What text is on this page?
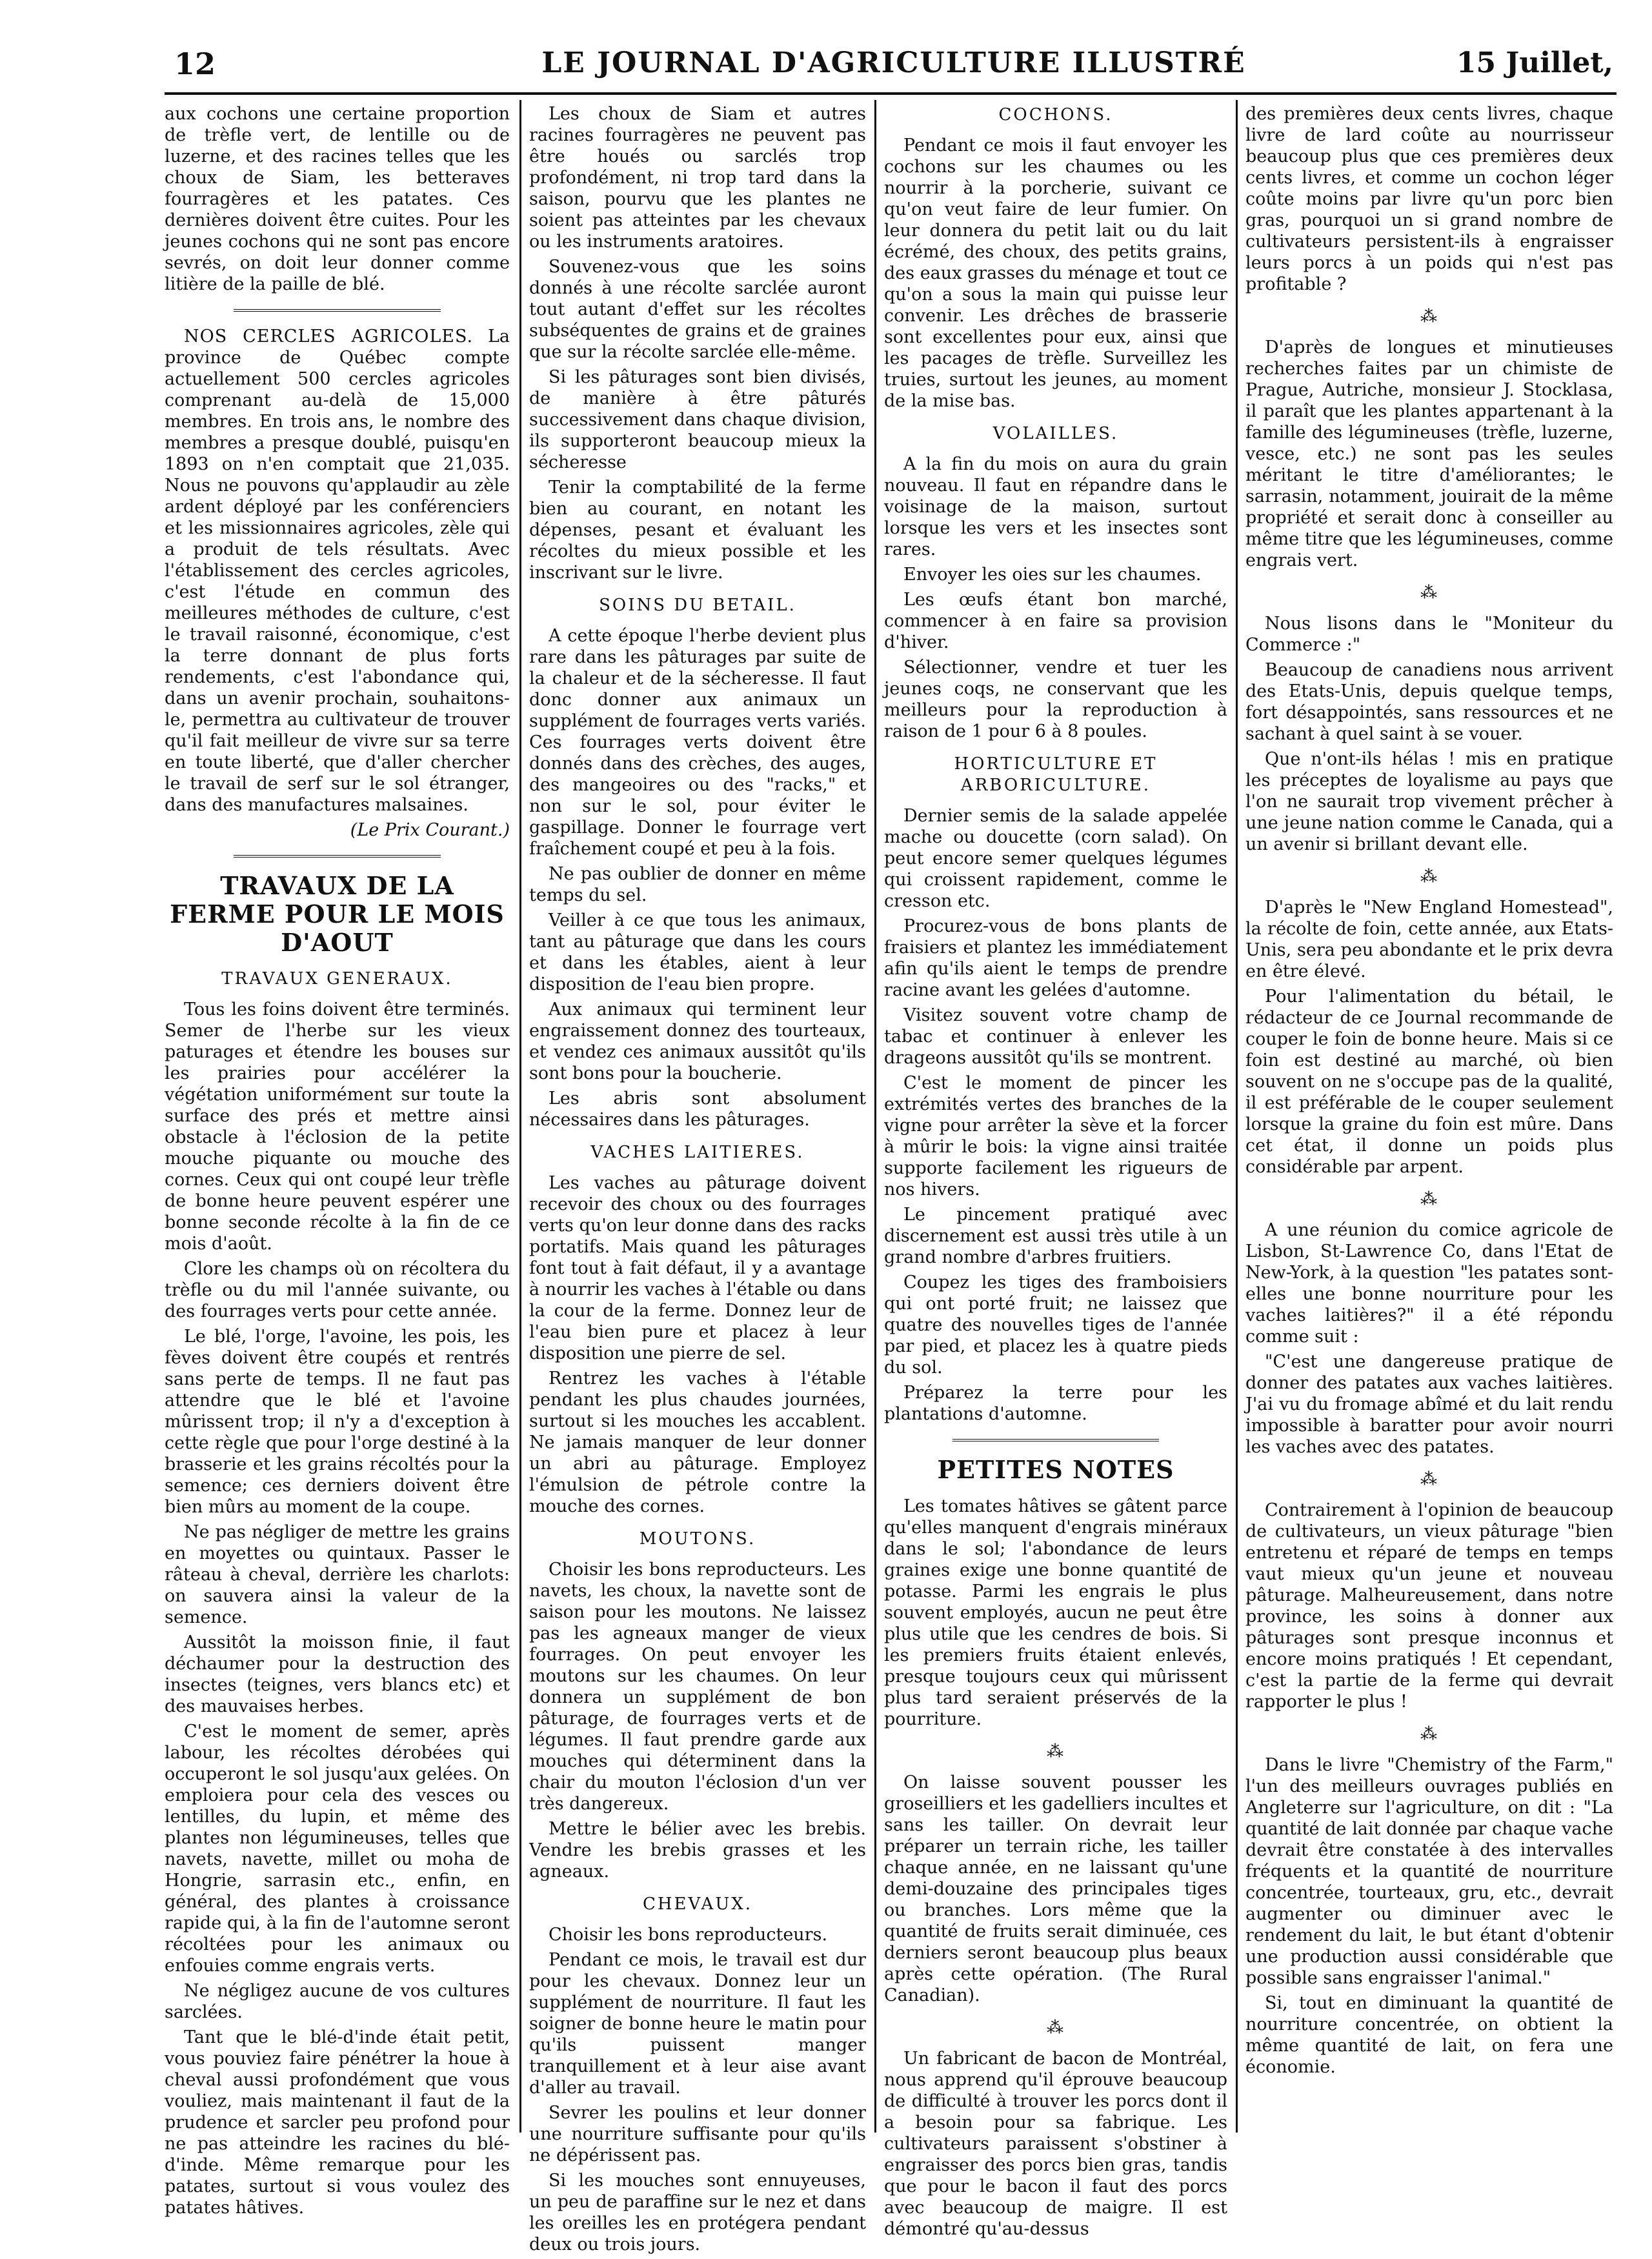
12	LE JOURNAL D'AGRICULTURE ILLUSTRÉ	15 Juillet,

aux cochons une certaine proportion de trèfle vert, de lentille ou de luzerne, et des racines telles que les choux de Siam, les betteraves fourragères et les patates. Ces dernières doivent être cuites. Pour les jeunes cochons qui ne sont pas encore sevrés, on doit leur donner comme litière de la paille de blé.

NOS CERCLES AGRICOLES. La province de Québec compte actuellement 500 cercles agricoles comprenant au-delà de 15,000 membres. En trois ans, le nombre des membres a presque doublé, puisqu'en 1893 on n'en comptait que 21,035. Nous ne pouvons qu'applaudir au zèle ardent déployé par les conférenciers et les missionnaires agricoles, zèle qui a produit de tels résultats. Avec l'établissement des cercles agricoles, c'est l'étude en commun des meilleures méthodes de culture, c'est le travail raisonné, économique, c'est la terre donnant de plus forts rendements, c'est l'abondance qui, dans un avenir prochain, souhaitons-le, permettra au cultivateur de trouver qu'il fait meilleur de vivre sur sa terre en toute liberté, que d'aller chercher le travail de serf sur le sol étranger, dans des manufactures malsaines.

(Le Prix Courant.)
TRAVAUX DE LA FERME POUR LE MOIS D'AOUT
TRAVAUX GENERAUX.

Tous les foins doivent être terminés. Semer de l'herbe sur les vieux paturages et étendre les bouses sur les prairies pour accélérer la végétation uniformément sur toute la surface des prés et mettre ainsi obstacle à l'éclosion de la petite mouche piquante ou mouche des cornes. Ceux qui ont coupé leur trèfle de bonne heure peuvent espérer une bonne seconde récolte à la fin de ce mois d'août.

Clore les champs où on récoltera du trèfle ou du mil l'année suivante, ou des fourrages verts pour cette année.

Le blé, l'orge, l'avoine, les pois, les fèves doivent être coupés et rentrés sans perte de temps. Il ne faut pas attendre que le blé et l'avoine mûrissent trop; il n'y a d'exception à cette règle que pour l'orge destiné à la brasserie et les grains récoltés pour la semence; ces derniers doivent être bien mûrs au moment de la coupe.

Ne pas négliger de mettre les grains en moyettes ou quintaux. Passer le râteau à cheval, derrière les charlots: on sauvera ainsi la valeur de la semence.

Aussitôt la moisson finie, il faut déchaumer pour la destruction des insectes (teignes, vers blancs etc) et des mauvaises herbes.

C'est le moment de semer, après labour, les récoltes dérobées qui occuperont le sol jusqu'aux gelées. On emploiera pour cela des vesces ou lentilles, du lupin, et même des plantes non légumineuses, telles que navets, navette, millet ou moha de Hongrie, sarrasin etc., enfin, en général, des plantes à croissance rapide qui, à la fin de l'automne seront récoltées pour les animaux ou enfouies comme engrais verts.

Ne négligez aucune de vos cultures sarclées.

Tant que le blé-d'inde était petit, vous pouviez faire pénétrer la houe à cheval aussi profondément que vous vouliez, mais maintenant il faut de la prudence et sarcler peu profond pour ne pas atteindre les racines du blé-d'inde. Même remarque pour les patates, surtout si vous voulez des patates hâtives.

Les choux de Siam et autres racines fourragères ne peuvent pas être houés ou sarclés trop profondément, ni trop tard dans la saison, pourvu que les plantes ne soient pas atteintes par les chevaux ou les instruments aratoires.

Souvenez-vous que les soins donnés à une récolte sarclée auront tout autant d'effet sur les récoltes subséquentes de grains et de graines que sur la récolte sarclée elle-même.

Si les pâturages sont bien divisés, de manière à être pâturés successivement dans chaque division, ils supporteront beaucoup mieux la sécheresse

Tenir la comptabilité de la ferme bien au courant, en notant les dépenses, pesant et évaluant les récoltes du mieux possible et les inscrivant sur le livre.

SOINS DU BETAIL.

A cette époque l'herbe devient plus rare dans les pâturages par suite de la chaleur et de la sécheresse. Il faut donc donner aux animaux un supplément de fourrages verts variés. Ces fourrages verts doivent être donnés dans des crèches, des auges, des mangeoires ou des "racks," et non sur le sol, pour éviter le gaspillage. Donner le fourrage vert fraîchement coupé et peu à la fois.

Ne pas oublier de donner en même temps du sel.

Veiller à ce que tous les animaux, tant au pâturage que dans les cours et dans les étables, aient à leur disposition de l'eau bien propre.

Aux animaux qui terminent leur engraissement donnez des tourteaux, et vendez ces animaux aussitôt qu'ils sont bons pour la boucherie.

Les abris sont absolument nécessaires dans les pâturages.

VACHES LAITIERES.

Les vaches au pâturage doivent recevoir des choux ou des fourrages verts qu'on leur donne dans des racks portatifs. Mais quand les pâturages font tout à fait défaut, il y a avantage à nourrir les vaches à l'étable ou dans la cour de la ferme. Donnez leur de l'eau bien pure et placez à leur disposition une pierre de sel.

Rentrez les vaches à l'étable pendant les plus chaudes journées, surtout si les mouches les accablent. Ne jamais manquer de leur donner un abri au pâturage. Employez l'émulsion de pétrole contre la mouche des cornes.

MOUTONS.

Choisir les bons reproducteurs. Les navets, les choux, la navette sont de saison pour les moutons. Ne laissez pas les agneaux manger de vieux fourrages. On peut envoyer les moutons sur les chaumes. On leur donnera un supplément de bon pâturage, de fourrages verts et de légumes. Il faut prendre garde aux mouches qui déterminent dans la chair du mouton l'éclosion d'un ver très dangereux.

Mettre le bélier avec les brebis. Vendre les brebis grasses et les agneaux.

CHEVAUX.

Choisir les bons reproducteurs.

Pendant ce mois, le travail est dur pour les chevaux. Donnez leur un supplément de nourriture. Il faut les soigner de bonne heure le matin pour qu'ils puissent manger tranquillement et à leur aise avant d'aller au travail.

Sevrer les poulins et leur donner une nourriture suffisante pour qu'ils ne dépérissent pas.

Si les mouches sont ennuyeuses, un peu de paraffine sur le nez et dans les oreilles les en protégera pendant deux ou trois jours.

COCHONS.

Pendant ce mois il faut envoyer les cochons sur les chaumes ou les nourrir à la porcherie, suivant ce qu'on veut faire de leur fumier. On leur donnera du petit lait ou du lait écrémé, des choux, des petits grains, des eaux grasses du ménage et tout ce qu'on a sous la main qui puisse leur convenir. Les drêches de brasserie sont excellentes pour eux, ainsi que les pacages de trèfle. Surveillez les truies, surtout les jeunes, au moment de la mise bas.

VOLAILLES.

A la fin du mois on aura du grain nouveau. Il faut en répandre dans le voisinage de la maison, surtout lorsque les vers et les insectes sont rares.

Envoyer les oies sur les chaumes.

Les œufs étant bon marché, commencer à en faire sa provision d'hiver.

Sélectionner, vendre et tuer les jeunes coqs, ne conservant que les meilleurs pour la reproduction à raison de 1 pour 6 à 8 poules.

HORTICULTURE ET ARBORICULTURE.

Dernier semis de la salade appelée mache ou doucette (corn salad). On peut encore semer quelques légumes qui croissent rapidement, comme le cresson etc.

Procurez-vous de bons plants de fraisiers et plantez les immédiatement afin qu'ils aient le temps de prendre racine avant les gelées d'automne.

Visitez souvent votre champ de tabac et continuer à enlever les drageons aussitôt qu'ils se montrent.

C'est le moment de pincer les extrémités vertes des branches de la vigne pour arrêter la sève et la forcer à mûrir le bois: la vigne ainsi traitée supporte facilement les rigueurs de nos hivers.

Le pincement pratiqué avec discernement est aussi très utile à un grand nombre d'arbres fruitiers.

Coupez les tiges des framboisiers qui ont porté fruit; ne laissez que quatre des nouvelles tiges de l'année par pied, et placez les à quatre pieds du sol.

Préparez la terre pour les plantations d'automne.

PETITES NOTES

Les tomates hâtives se gâtent parce qu'elles manquent d'engrais minéraux dans le sol; l'abondance de leurs graines exige une bonne quantité de potasse. Parmi les engrais le plus souvent employés, aucun ne peut être plus utile que les cendres de bois. Si les premiers fruits étaient enlevés, presque toujours ceux qui mûrissent plus tard seraient préservés de la pourriture.

⁂

On laisse souvent pousser les groseilliers et les gadelliers incultes et sans les tailler. On devrait leur préparer un terrain riche, les tailler chaque année, en ne laissant qu'une demi-douzaine des principales tiges ou branches. Lors même que la quantité de fruits serait diminuée, ces derniers seront beaucoup plus beaux après cette opération. (The Rural Canadian).

⁂

Un fabricant de bacon de Montréal, nous apprend qu'il éprouve beaucoup de difficulté à trouver les porcs dont il a besoin pour sa fabrique. Les cultivateurs paraissent s'obstiner à engraisser des porcs bien gras, tandis que pour le bacon il faut des porcs avec beaucoup de maigre. Il est démontré qu'au-dessus

des premières deux cents livres, chaque livre de lard coûte au nourrisseur beaucoup plus que ces premières deux cents livres, et comme un cochon léger coûte moins par livre qu'un porc bien gras, pourquoi un si grand nombre de cultivateurs persistent-ils à engraisser leurs porcs à un poids qui n'est pas profitable ?

⁂

D'après de longues et minutieuses recherches faites par un chimiste de Prague, Autriche, monsieur J. Stocklasa, il paraît que les plantes appartenant à la famille des légumineuses (trèfle, luzerne, vesce, etc.) ne sont pas les seules méritant le titre d'améliorantes; le sarrasin, notamment, jouirait de la même propriété et serait donc à conseiller au même titre que les légumineuses, comme engrais vert.

⁂

Nous lisons dans le "Moniteur du Commerce :"

Beaucoup de canadiens nous arrivent des Etats-Unis, depuis quelque temps, fort désappointés, sans ressources et ne sachant à quel saint à se vouer.

Que n'ont-ils hélas ! mis en pratique les préceptes de loyalisme au pays que l'on ne saurait trop vivement prêcher à une jeune nation comme le Canada, qui a un avenir si brillant devant elle.

⁂

D'après le "New England Homestead", la récolte de foin, cette année, aux Etats-Unis, sera peu abondante et le prix devra en être élevé.

Pour l'alimentation du bétail, le rédacteur de ce Journal recommande de couper le foin de bonne heure. Mais si ce foin est destiné au marché, où bien souvent on ne s'occupe pas de la qualité, il est préférable de le couper seulement lorsque la graine du foin est mûre. Dans cet état, il donne un poids plus considérable par arpent.

⁂

A une réunion du comice agricole de Lisbon, St-Lawrence Co, dans l'Etat de New-York, à la question "les patates sont-elles une bonne nourriture pour les vaches laitières?" il a été répondu comme suit :

"C'est une dangereuse pratique de donner des patates aux vaches laitières. J'ai vu du fromage abîmé et du lait rendu impossible à baratter pour avoir nourri les vaches avec des patates.

⁂

Contrairement à l'opinion de beaucoup de cultivateurs, un vieux pâturage "bien entretenu et réparé de temps en temps vaut mieux qu'un jeune et nouveau pâturage. Malheureusement, dans notre province, les soins à donner aux pâturages sont presque inconnus et encore moins pratiqués ! Et cependant, c'est la partie de la ferme qui devrait rapporter le plus !

⁂

Dans le livre "Chemistry of the Farm," l'un des meilleurs ouvrages publiés en Angleterre sur l'agriculture, on dit : "La quantité de lait donnée par chaque vache devrait être constatée à des intervalles fréquents et la quantité de nourriture concentrée, tourteaux, gru, etc., devrait augmenter ou diminuer avec le rendement du lait, le but étant d'obtenir une production aussi considérable que possible sans engraisser l'animal."

Si, tout en diminuant la quantité de nourriture concentrée, on obtient la même quantité de lait, on fera une économie.
